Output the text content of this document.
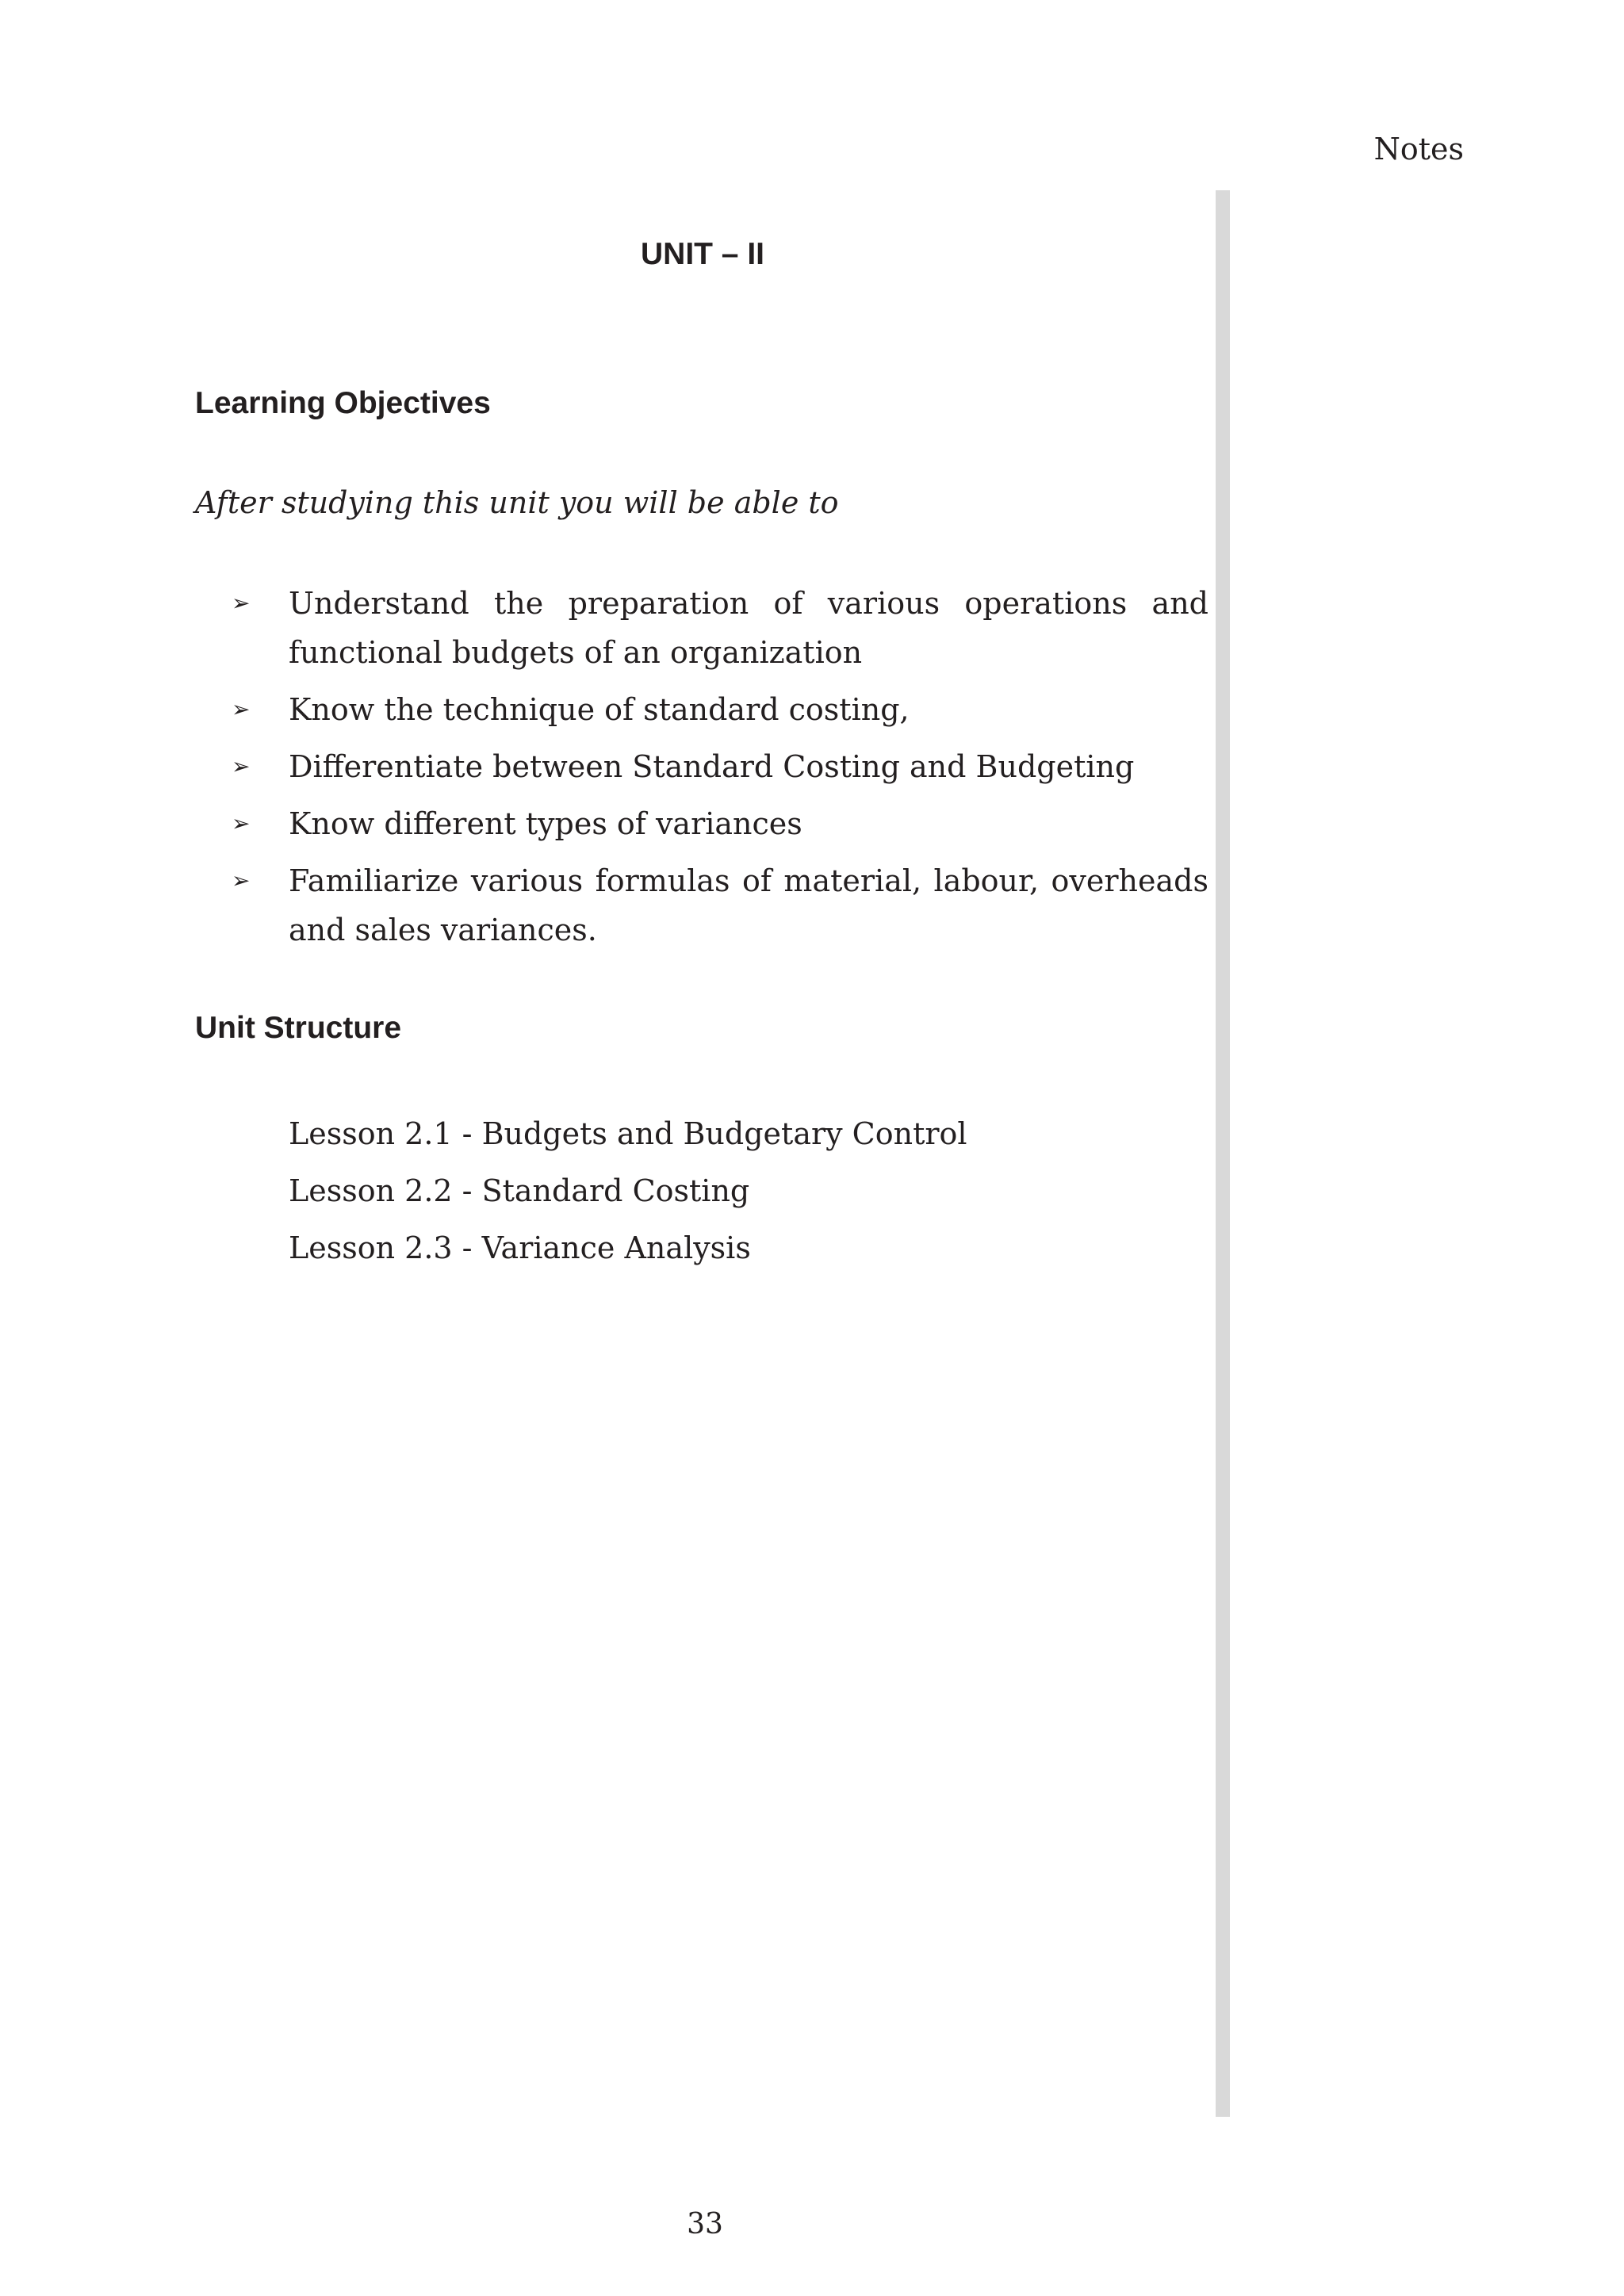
Notes
UNIT – II
Learning Objectives
After studying this unit you will be able to
➢ Understand the preparation of various operations and functional budgets of an organization
➢ Know the technique of standard costing,
➢ Differentiate between Standard Costing and Budgeting
➢ Know different types of variances
➢ Familiarize various formulas of material, labour, overheads and sales variances.
Unit Structure
Lesson 2.1 - Budgets and Budgetary Control
Lesson 2.2 - Standard Costing
Lesson 2.3 - Variance Analysis
33
